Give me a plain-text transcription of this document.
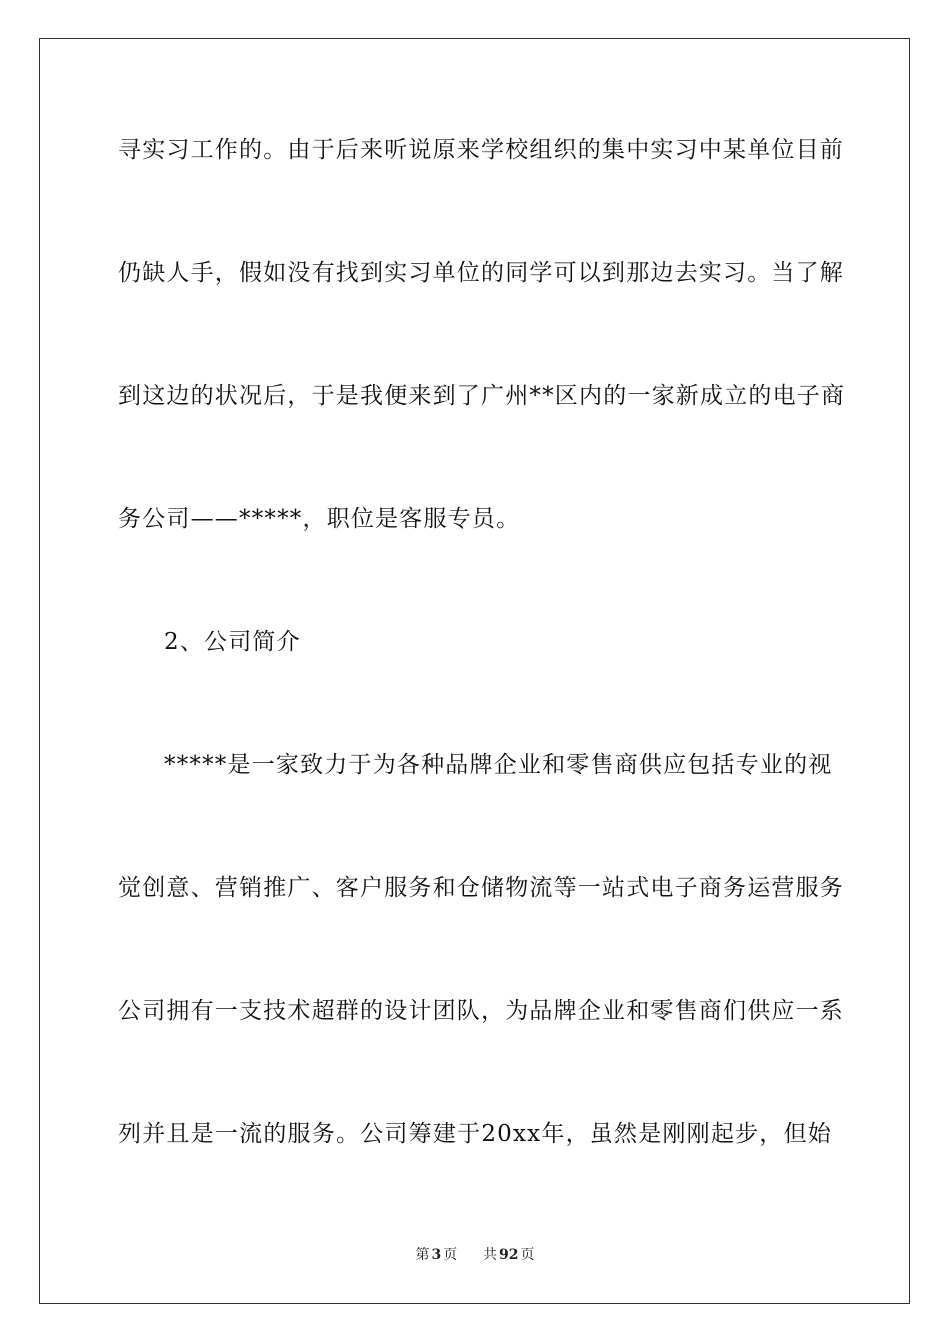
寻实习工作的。由于后来听说原来学校组织的集中实习中某单位目前
仍缺人手，假如没有找到实习单位的同学可以到那边去实习。当了解
到这边的状况后，于是我便来到了广州**区内的一家新成立的电子商
务公司——*****，职位是客服专员。
2、公司简介
*****是一家致力于为各种品牌企业和零售商供应包括专业的视
觉创意、营销推广、客户服务和仓储物流等一站式电子商务运营服务
公司拥有一支技术超群的设计团队，为品牌企业和零售商们供应一系
列并且是一流的服务。公司筹建于20xx年，虽然是刚刚起步，但始
第 3 页 共 92 页
